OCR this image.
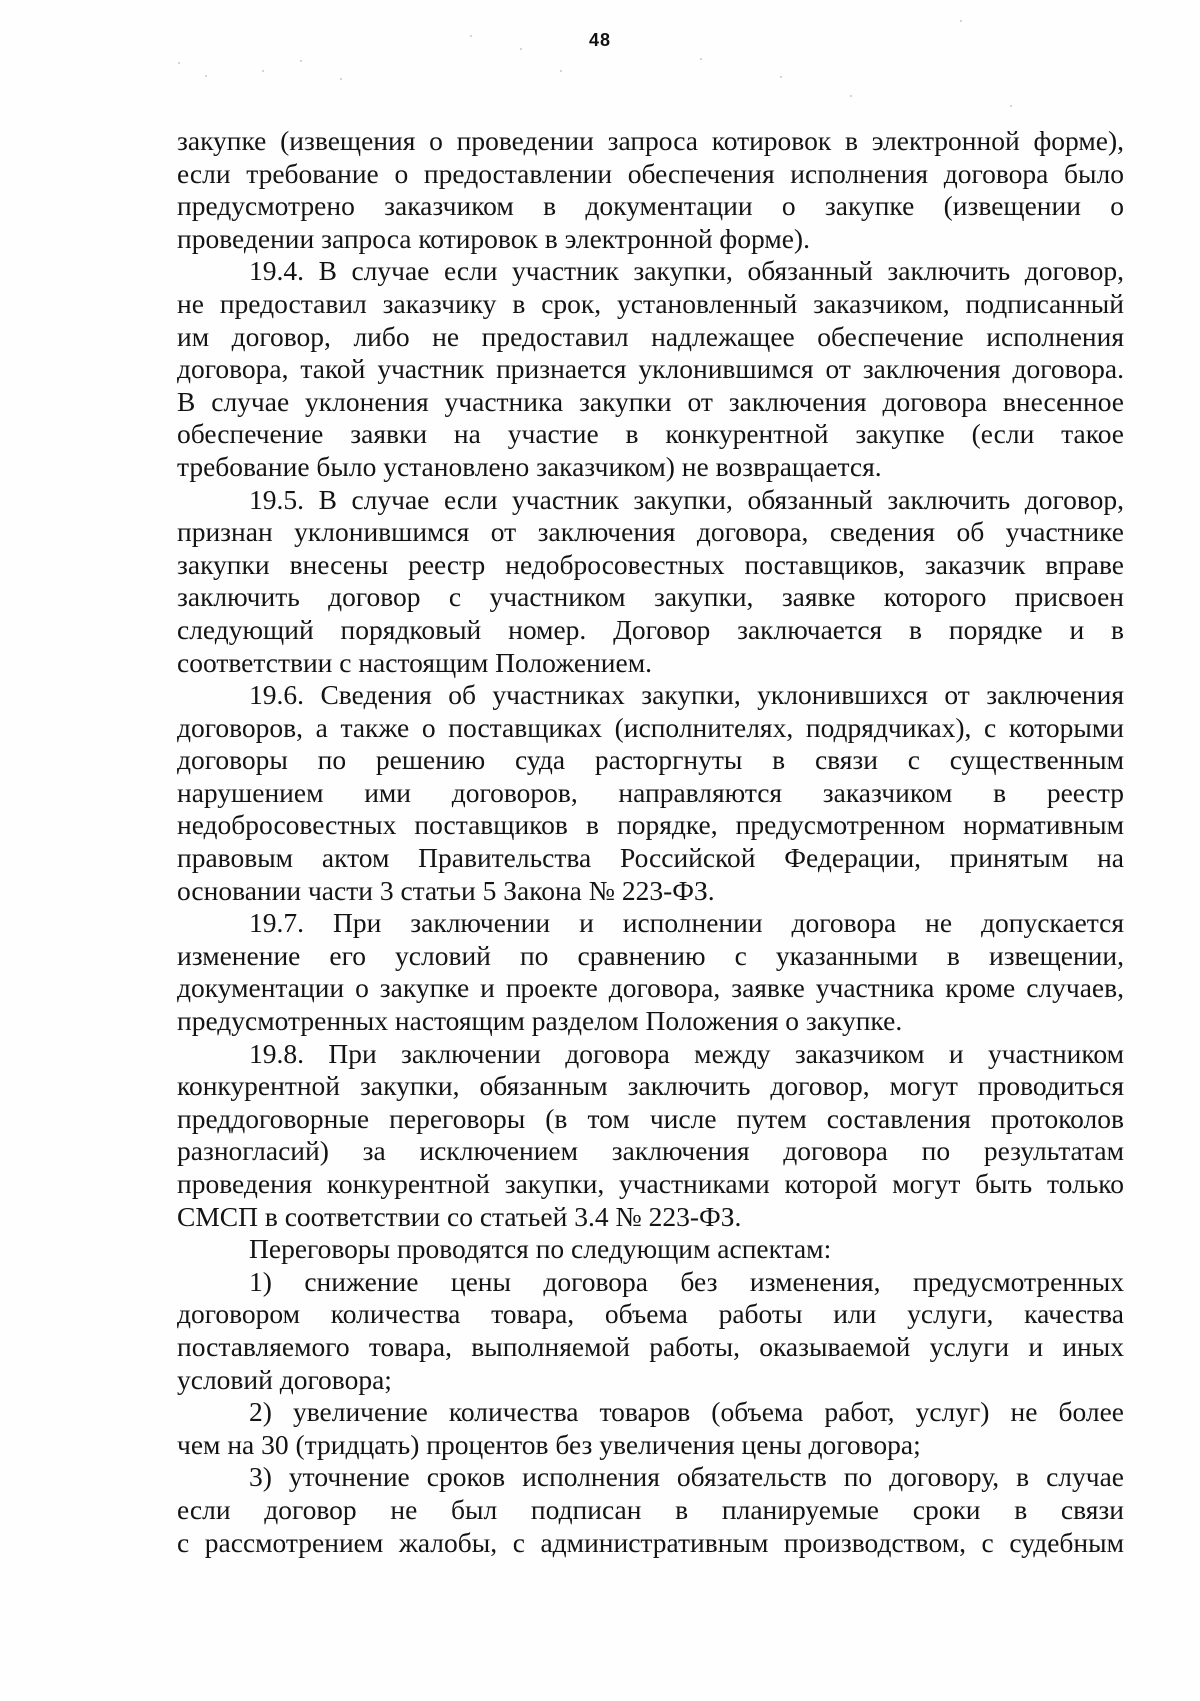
48
закупке (извещения о проведении запроса котировок в электронной форме),
если требование о предоставлении обеспечения исполнения договора было
предусмотрено заказчиком в документации о закупке (извещении о
проведении запроса котировок в электронной форме).
19.4. В случае если участник закупки, обязанный заключить договор,
не предоставил заказчику в срок, установленный заказчиком, подписанный
им договор, либо не предоставил надлежащее обеспечение исполнения
договора, такой участник признается уклонившимся от заключения договора.
В случае уклонения участника закупки от заключения договора внесенное
обеспечение заявки на участие в конкурентной закупке (если такое
требование было установлено заказчиком) не возвращается.
19.5. В случае если участник закупки, обязанный заключить договор,
признан уклонившимся от заключения договора, сведения об участнике
закупки внесены реестр недобросовестных поставщиков, заказчик вправе
заключить договор с участником закупки, заявке которого присвоен
следующий порядковый номер. Договор заключается в порядке и в
соответствии с настоящим Положением.
19.6. Сведения об участниках закупки, уклонившихся от заключения
договоров, а также о поставщиках (исполнителях, подрядчиках), с которыми
договоры по решению суда расторгнуты в связи с существенным
нарушением ими договоров, направляются заказчиком в реестр
недобросовестных поставщиков в порядке, предусмотренном нормативным
правовым актом Правительства Российской Федерации, принятым на
основании части 3 статьи 5 Закона № 223-ФЗ.
19.7. При заключении и исполнении договора не допускается
изменение его условий по сравнению с указанными в извещении,
документации о закупке и проекте договора, заявке участника кроме случаев,
предусмотренных настоящим разделом Положения о закупке.
19.8. При заключении договора между заказчиком и участником
конкурентной закупки, обязанным заключить договор, могут проводиться
преддоговорные переговоры (в том числе путем составления протоколов
разногласий) за исключением заключения договора по результатам
проведения конкурентной закупки, участниками которой могут быть только
СМСП в соответствии со статьей 3.4 № 223-ФЗ.
Переговоры проводятся по следующим аспектам:
1) снижение цены договора без изменения, предусмотренных
договором количества товара, объема работы или услуги, качества
поставляемого товара, выполняемой работы, оказываемой услуги и иных
условий договора;
2) увеличение количества товаров (объема работ, услуг) не более
чем на 30 (тридцать) процентов без увеличения цены договора;
3) уточнение сроков исполнения обязательств по договору, в случае
если договор не был подписан в планируемые сроки в связи
с рассмотрением жалобы, с административным производством, с судебным
